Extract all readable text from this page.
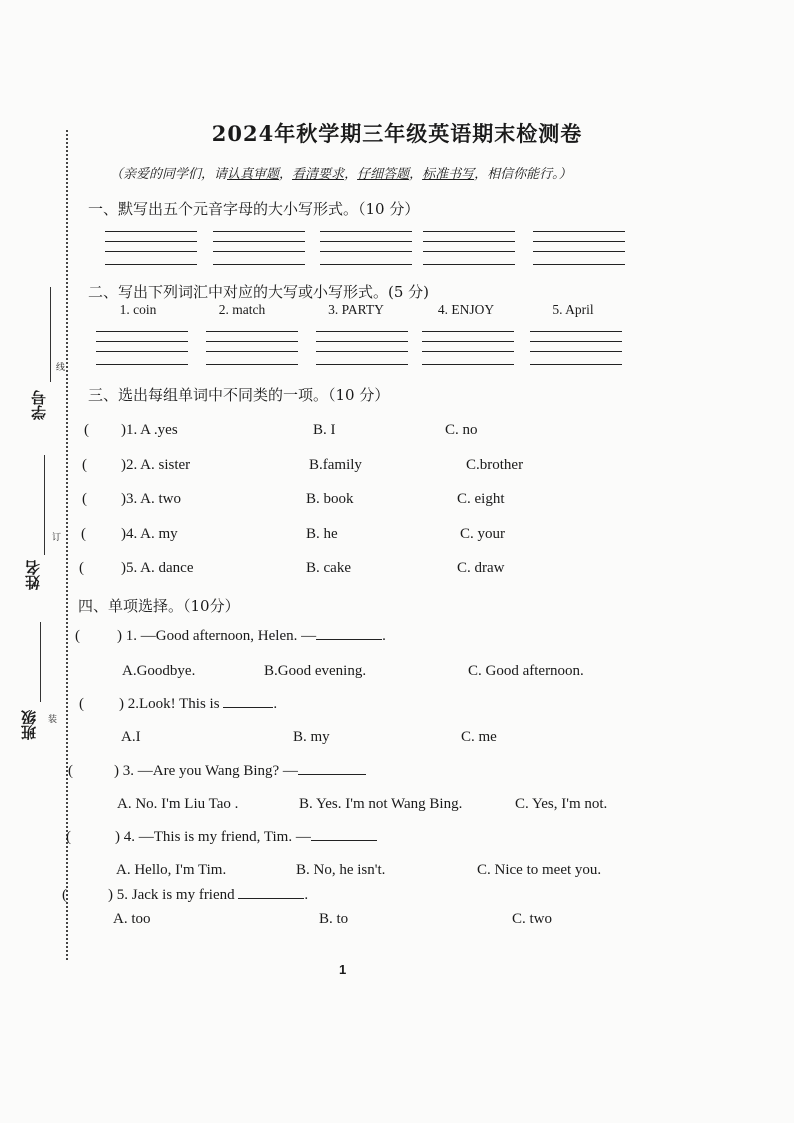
学号
线
姓名
订
班级 装
2024年秋学期三年级英语期末检测卷
（亲爱的同学们，请认真审题，看清要求，仔细答题，标准书写，相信你能行。）
一、默写出五个元音字母的大小写形式。（10 分）
二、写出下列词汇中对应的大写或小写形式。(5 分)
1. coin	2. match	3. PARTY	4. ENJOY	5. April
三、选出每组单词中不同类的一项。（10 分）
( )1. A .yes	B. I	C. no
( )2. A. sister	B.family	C.brother
( )3. A. two	B. book	C. eight
( )4. A. my	B. he	C. your
( )5. A. dance	B. cake	C. draw
四、单项选择。（10分）
( ) 1. —Good afternoon, Helen. —	.
A.Goodbye.	B.Good evening.	C. Good afternoon.
( ) 2.Look! This is	.
A.I	B. my	C. me
(	) 3. —Are you Wang Bing? —
A. No. I'm Liu Tao .	B. Yes. I'm not Wang Bing.	C. Yes, I'm not.
(	) 4. —This is my friend, Tim. —
A. Hello, I'm Tim.	B. No, he isn't.	C. Nice to meet you.
(	) 5. Jack is my friend	.
A. too	B. to	C. two
1
